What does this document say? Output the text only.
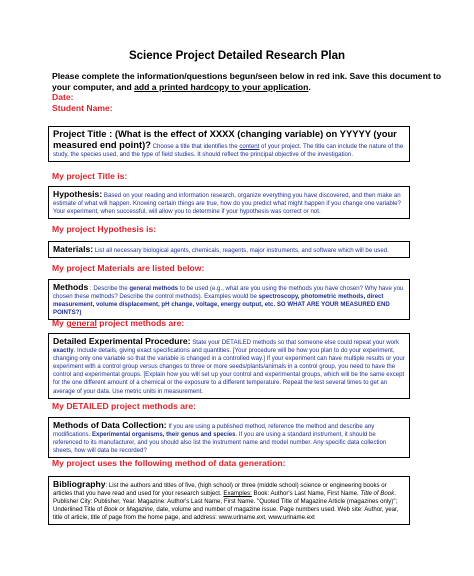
Science Project Detailed Research Plan
Please complete the information/questions begun/seen below in red ink. Save this document to your computer, and add a printed hardcopy to your application.
Date:
Student Name:
Project Title : (What is the effect of XXXX (changing variable) on YYYYY (your measured end point)? Choose a title that identifies the content of your project. The title can include the nature of the study, the species used, and the type of field studies. It should reflect the principal objective of the investigation.
My project Title is:
Hypothesis: Based on your reading and information research, organize everything you have discovered, and then make an estimate of what will happen. Knowing certain things are true, how do you predict what might happen if you change one variable? Your experiment, when successful, will allow you to determine if your hypothesis was correct or not.
My project Hypothesis is:
Materials: List all necessary biological agents, chemicals, reagents, major instruments, and software which will be used.
My project Materials are listed below:
Methods : Describe the general methods to be used (e.g., what are you using the methods you have chosen? Why have you chosen these methods? Describe the control methods). Examples would be spectroscopy, photometric methods, direct measurement, volume displacement, pH change, voltage, energy output, etc. SO WHAT ARE YOUR MEASURED END POINTS?)
My general project methods are:
Detailed Experimental Procedure: State your DETAILED methods so that someone else could repeat your work exactly. Include details, giving exact specifications and quantities. [Your procedure will be how you plan to do your experiment, changing only one variable so that the variable is changed in a controlled way.] If your experiment can have multiple results or your experiment with a control group versus changes to three or more seeds/plants/animals in a control group, you need to have the control and experimental groups. [Explain how you will set up your control and experimental groups, which will be the same except for the one different amount of a chemical or the exposure to a different temperature. Repeat the test several times to get an average of your data. Use metric units in measurement.
My DETAILED project methods are:
Methods of Data Collection: If you are using a published method, reference the method and describe any modifications. Experimental organisms, their genus and species. If you are using a standard instrument, it should be referenced to its manufacturer, and you should also list the instrument name and model number. Any specific data collection sheets, how will data be recorded?
My project uses the following method of data generation:
Bibliography: List the authors and titles of five, (high school) or three (middle school) science or engineering books or articles that you have read and used for your research subject. Examples: Book: Author's Last Name, First Name. Title of Book. Publisher City: Publisher, Year. Magazine: Author's Last Name, First Name. "Quoted Title of Magazine Article (magazines only)"; Underlined Title of Book or Magazine, date, volume and number of magazine issue. Page numbers used. Web site: Author, year, title of article, title of page from the home page, and address: www.urlname.ext, www.urlname.ext
